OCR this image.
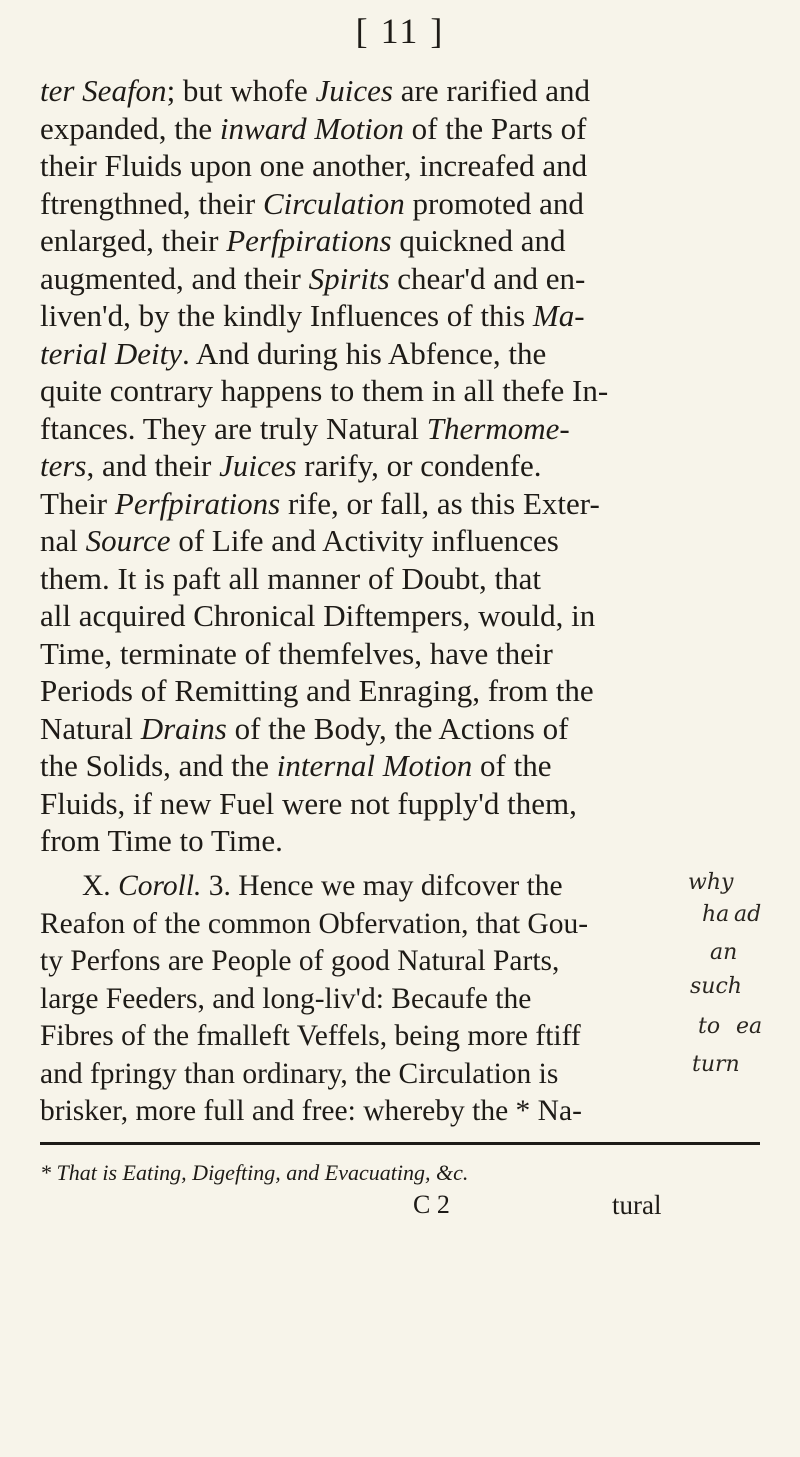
[ 11 ]
ter Seafon; but whofe Juices are rarified and
expanded, the inward Motion of the Parts of
their Fluids upon one another, increafed and
ftrengthned, their Circulation promoted and
enlarged, their Perfpirations quickned and
augmented, and their Spirits chear'd and en-
liven'd, by the kindly Influences of this Ma-
terial Deity. And during his Abfence, the
quite contrary happens to them in all thefe In-
ftances. They are truly Natural Thermome-
ters, and their Juices rarify, or condenfe.
Their Perfpirations rife, or fall, as this Exter-
nal Source of Life and Activity influences
them. It is paft all manner of Doubt, that
all acquired Chronical Diftempers, would, in
Time, terminate of themfelves, have their
Periods of Remitting and Enraging, from the
Natural Drains of the Body, the Actions of
the Solids, and the internal Motion of the
Fluids, if new Fuel were not fupply'd them,
from Time to Time.
X. Coroll. 3. Hence we may difcover the
Reafon of the common Obfervation, that Gou-
ty Perfons are People of good Natural Parts,
large Feeders, and long-liv'd: Becaufe the
Fibres of the fmalleft Veffels, being more ftiff
and fpringy than ordinary, the Circulation is
brisker, more full and free: whereby the * Na-
why
ha ad
an
such
to ea
turn
* That is Eating, Digefting, and Evacuating, &c.
C 2	tural
